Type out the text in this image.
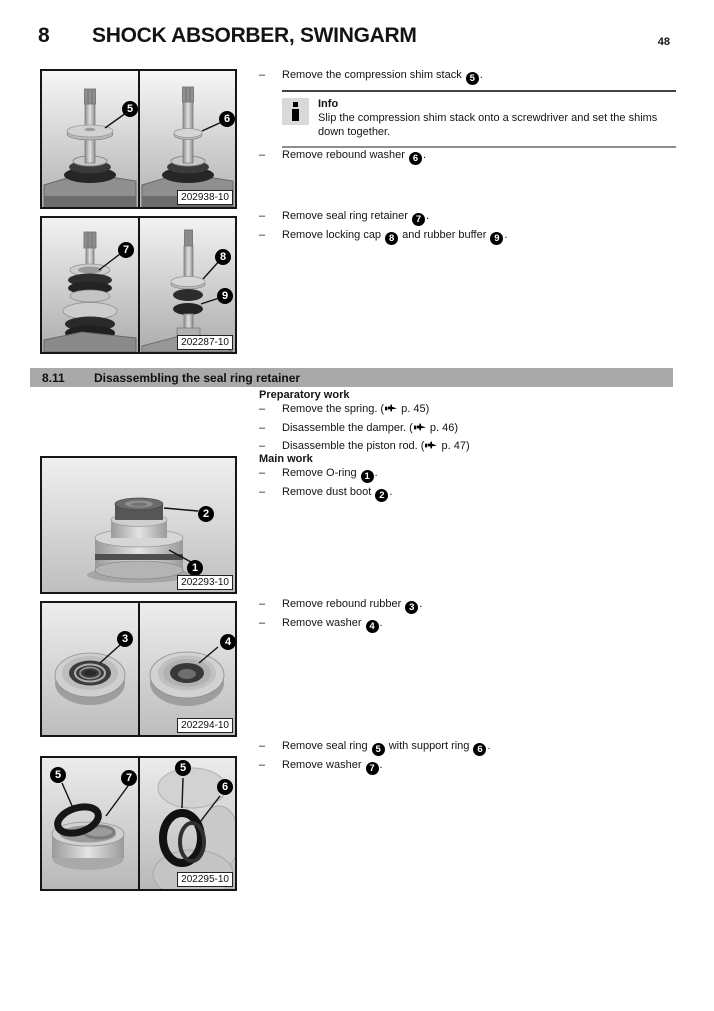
8 SHOCK ABSORBER, SWINGARM	48
5
6
202938-10
7
8
9
202287-10
2
1
202293-10
3	4
202294-10
5	7
5
6
202295-10
–	Remove the compression shim stack 5 .
Info
Slip the compression shim stack onto a screwdriver and set the shims down together.
–	Remove rebound washer 6 .
–	Remove seal ring retainer 7 .
–	Remove locking cap 8 and rubber buffer 9 .
8.11	Disassembling the seal ring retainer
Preparatory work
–	Remove the spring. ( p. 45)
–	Disassemble the damper. ( p. 46)
–	Disassemble the piston rod. ( p. 47)
Main work
–	Remove O-ring 1 .
–	Remove dust boot 2 .
–	Remove rebound rubber 3 .
–	Remove washer 4 .
–	Remove seal ring 5 with support ring 6 .
–	Remove washer 7 .
